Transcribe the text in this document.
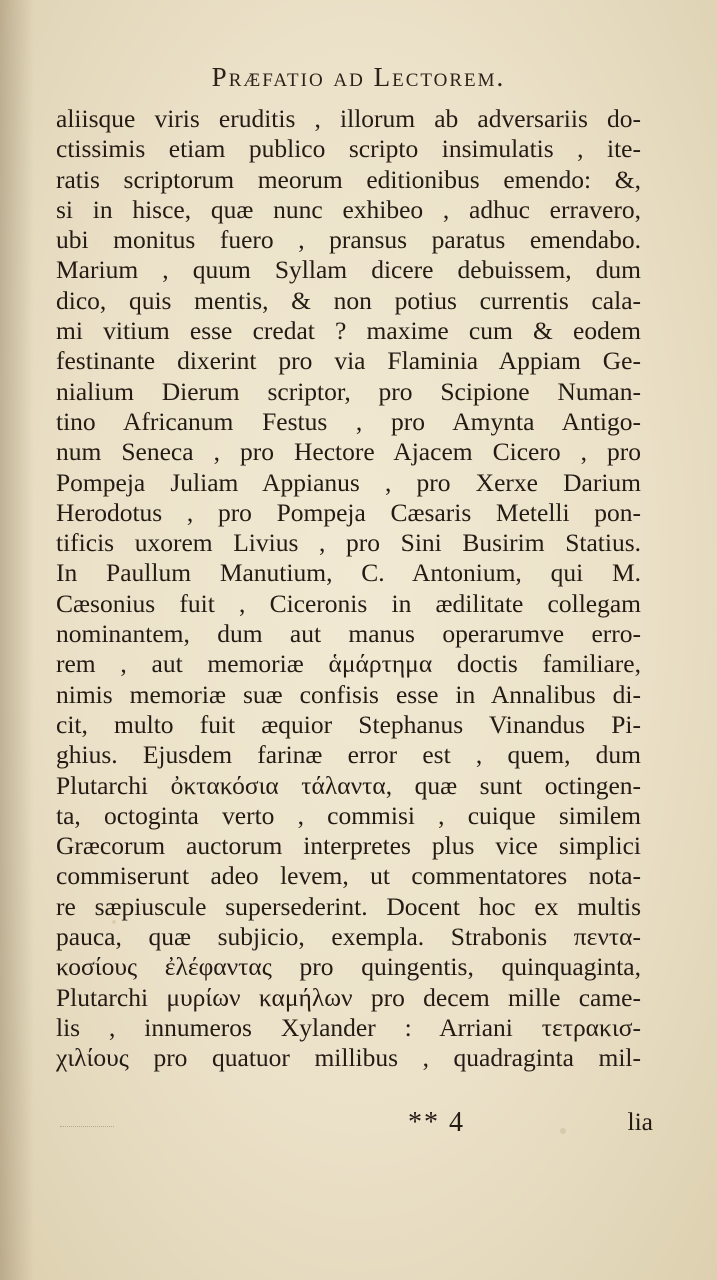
Præfatio ad Lectorem.
aliisque viris eruditis , illorum ab adversariis do-
ctissimis etiam publico scripto insimulatis , ite-
ratis scriptorum meorum editionibus emendo: &,
si in hisce, quæ nunc exhibeo , adhuc erravero,
ubi monitus fuero , pransus paratus emendabo.
Marium , quum Syllam dicere debuissem, dum
dico, quis mentis, & non potius currentis cala-
mi vitium esse credat ? maxime cum & eodem
festinante dixerint pro via Flaminia Appiam Ge-
nialium Dierum scriptor, pro Scipione Numan-
tino Africanum Festus , pro Amynta Antigo-
num Seneca , pro Hectore Ajacem Cicero , pro
Pompeja Juliam Appianus , pro Xerxe Darium
Herodotus , pro Pompeja Cæsaris Metelli pon-
tificis uxorem Livius , pro Sini Busirim Statius.
In Paullum Manutium, C. Antonium, qui M.
Cæsonius fuit , Ciceronis in ædilitate collegam
nominantem, dum aut manus operarumve erro-
rem , aut memoriæ ἁμάρτημα doctis familiare,
nimis memoriæ suæ confisis esse in Annalibus di-
cit, multo fuit æquior Stephanus Vinandus Pi-
ghius. Ejusdem farinæ error est , quem, dum
Plutarchi ὀκτακόσια τάλαντα, quæ sunt octingen-
ta, octoginta verto , commisi , cuique similem
Græcorum auctorum interpretes plus vice simplici
commiserunt adeo levem, ut commentatores nota-
re sæpiuscule supersederint. Docent hoc ex multis
pauca, quæ subjicio, exempla. Strabonis πεντα-
κοσίους ἐλέφαντας pro quingentis, quinquaginta,
Plutarchi μυρίων καμήλων pro decem mille came-
lis , innumeros Xylander : Arriani τετρακισ-
χιλίους pro quatuor millibus , quadraginta mil-
** 4	lia
